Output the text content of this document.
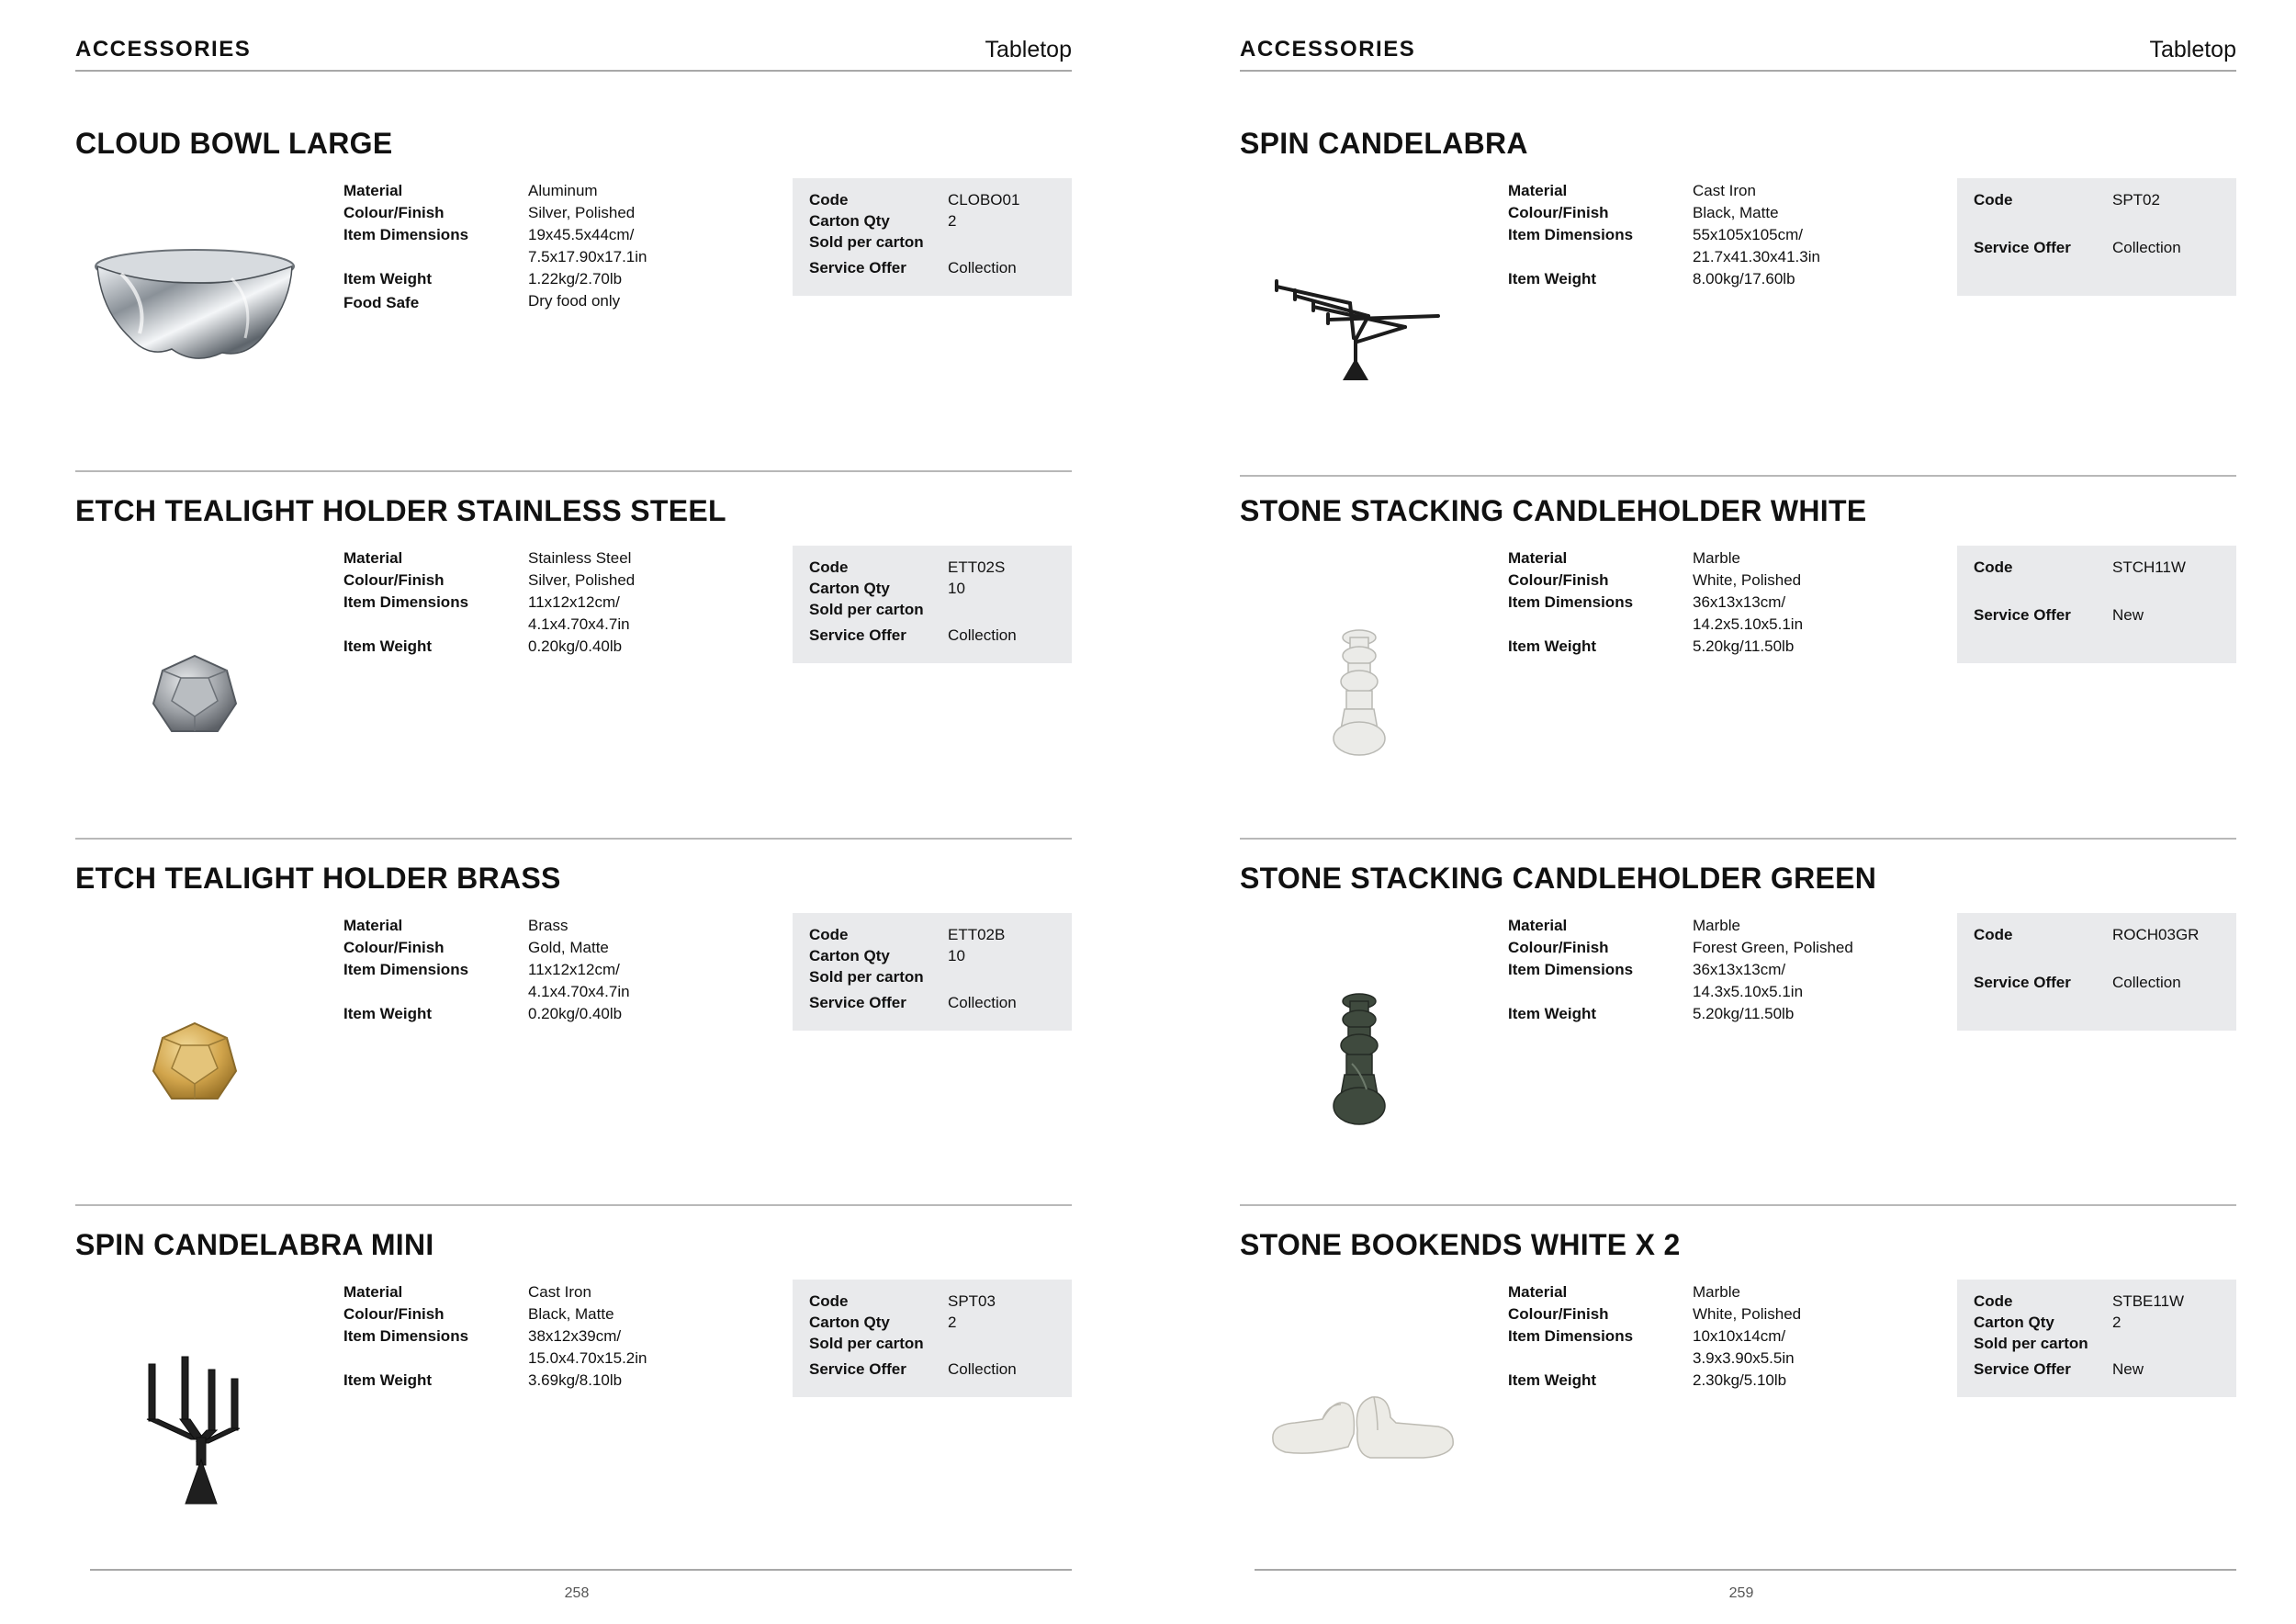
ACCESSORIES	Tabletop
CLOUD BOWL LARGE
Material	Aluminum
Colour/Finish	Silver, Polished
Item Dimensions	19x45.5x44cm/
7.5x17.90x17.1in
Item Weight	1.22kg/2.70lb
Food Safe	Dry food only
Code	CLOBO01
Carton Qty	2
Sold per carton
Service Offer	Collection
ETCH TEALIGHT HOLDER STAINLESS STEEL
Material	Stainless Steel
Colour/Finish	Silver, Polished
Item Dimensions	11x12x12cm/
4.1x4.70x4.7in
Item Weight	0.20kg/0.40lb
Code	ETT02S
Carton Qty	10
Sold per carton
Service Offer	Collection
ETCH TEALIGHT HOLDER BRASS
Material	Brass
Colour/Finish	Gold, Matte
Item Dimensions	11x12x12cm/
4.1x4.70x4.7in
Item Weight	0.20kg/0.40lb
Code	ETT02B
Carton Qty	10
Sold per carton
Service Offer	Collection
SPIN CANDELABRA MINI
Material	Cast Iron
Colour/Finish	Black, Matte
Item Dimensions	38x12x39cm/
15.0x4.70x15.2in
Item Weight	3.69kg/8.10lb
Code	SPT03
Carton Qty	2
Sold per carton
Service Offer	Collection
258
ACCESSORIES	Tabletop
SPIN CANDELABRA
Material	Cast Iron
Colour/Finish	Black, Matte
Item Dimensions	55x105x105cm/
21.7x41.30x41.3in
Item Weight	8.00kg/17.60lb
Code	SPT02
Service Offer	Collection
STONE STACKING CANDLEHOLDER WHITE
Material	Marble
Colour/Finish	White, Polished
Item Dimensions	36x13x13cm/
14.2x5.10x5.1in
Item Weight	5.20kg/11.50lb
Code	STCH11W
Service Offer	New
STONE STACKING CANDLEHOLDER GREEN
Material	Marble
Colour/Finish	Forest Green, Polished
Item Dimensions	36x13x13cm/
14.3x5.10x5.1in
Item Weight	5.20kg/11.50lb
Code	ROCH03GR
Service Offer	Collection
STONE BOOKENDS WHITE X 2
Material	Marble
Colour/Finish	White, Polished
Item Dimensions	10x10x14cm/
3.9x3.90x5.5in
Item Weight	2.30kg/5.10lb
Code	STBE11W
Carton Qty	2
Sold per carton
Service Offer	New
259
